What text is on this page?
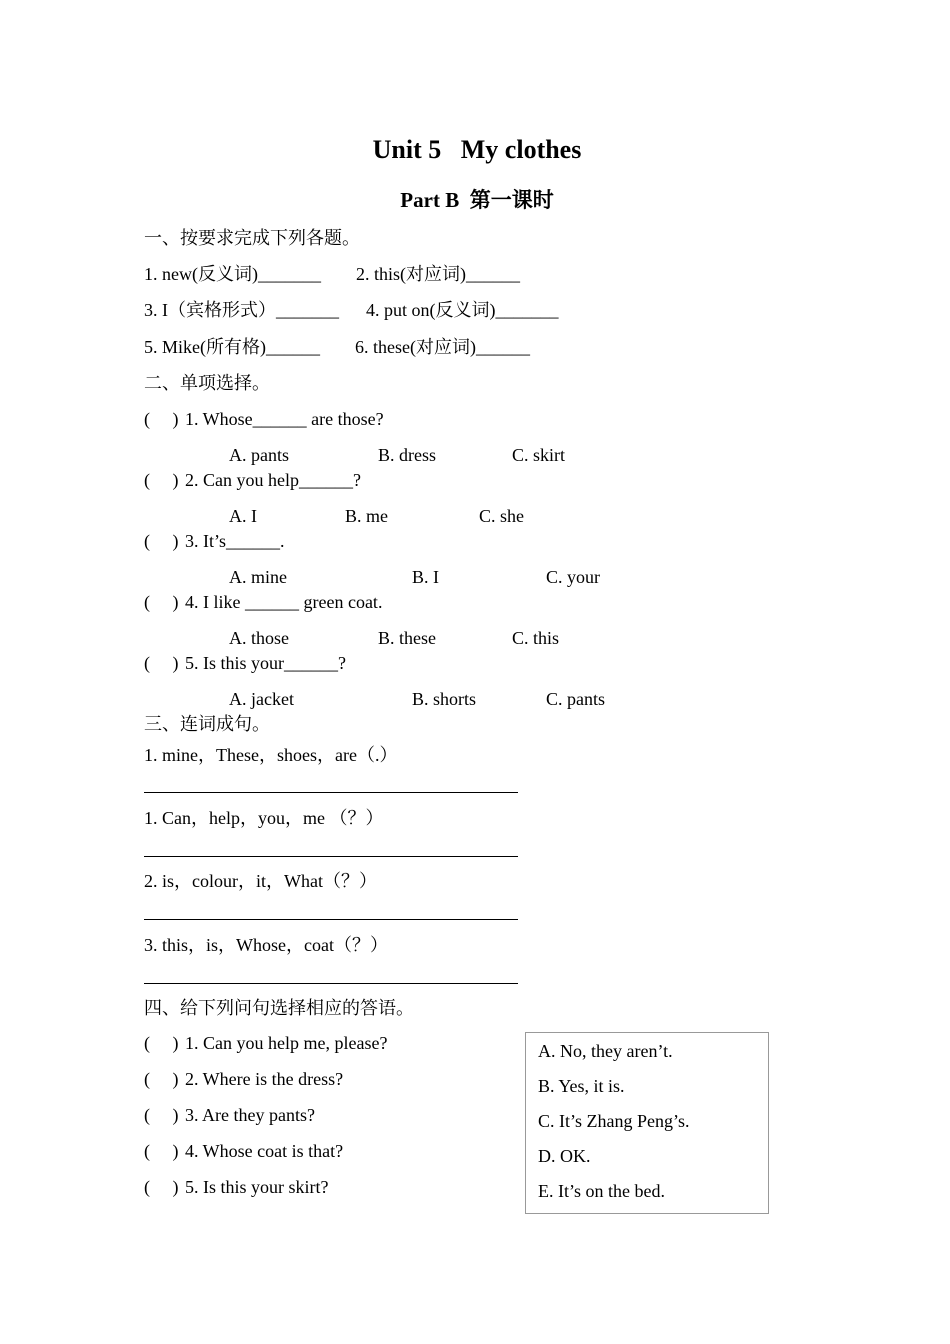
Unit 5   My clothes
Part B  第一课时
一、按要求完成下列各题。
1. new(反义词)_______ 2. this(对应词)______
3. I（宾格形式）_______ 4. put on(反义词)_______
5. Mike(所有格)______ 6. these(对应词)______
二、单项选择。
(     ) 1. Whose______ are those?
A. pants	B. dress	C. skirt
(     ) 2. Can you help______?
A. I	B. me	C. she
(     ) 3. It’s______.
A. mine	B. I	C. your
(     ) 4. I like ______ green coat.
A. those	B. these	C. this
(     ) 5. Is this your______?
A. jacket	B. shorts	C. pants
三、连词成句。
1. mine，These，shoes，are（.）
1. Can，help，you，me （？）
2. is，colour，it，What（？）
3. this，is，Whose，coat（？）
四、给下列问句选择相应的答语。
(     ) 1. Can you help me, please?
(     ) 2. Where is the dress?
(     ) 3. Are they pants?
(     ) 4. Whose coat is that?
(     ) 5. Is this your skirt?
A. No, they aren’t.
B. Yes, it is.
C. It’s Zhang Peng’s.
D. OK.
E. It’s on the bed.
